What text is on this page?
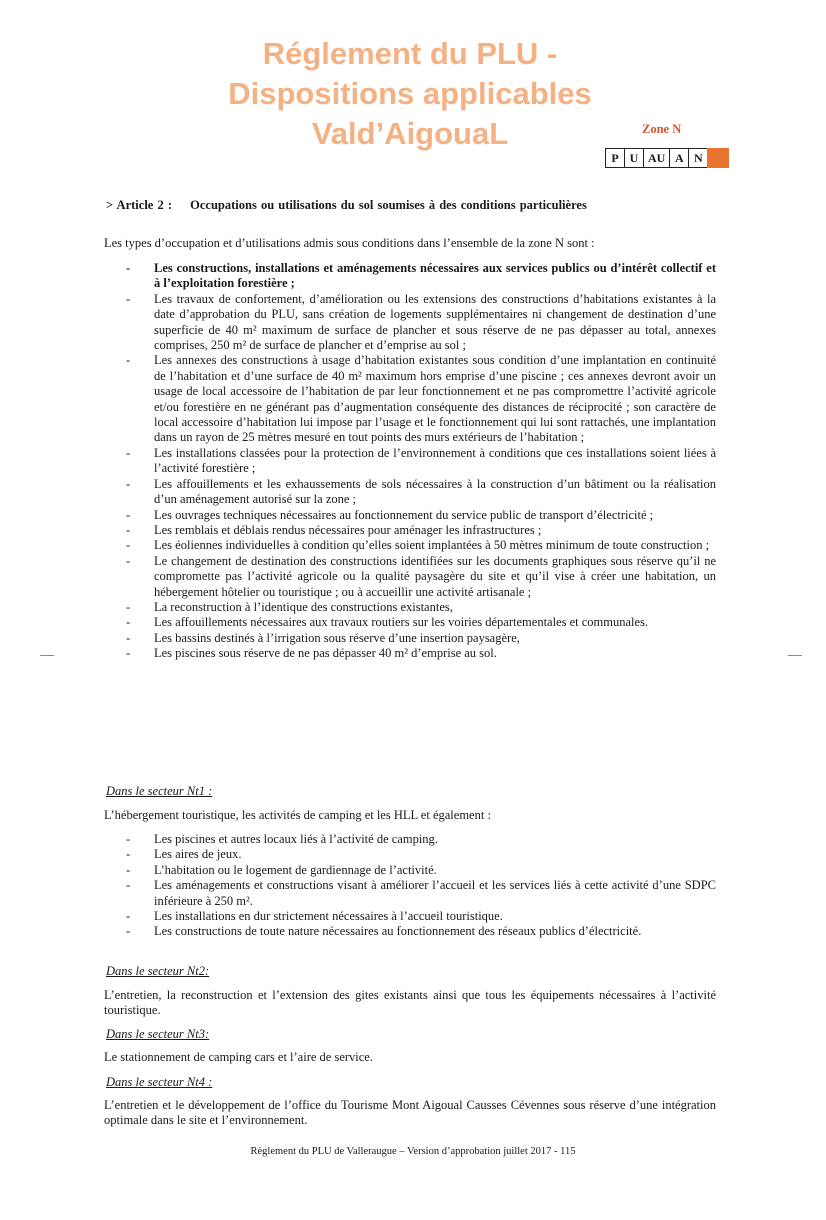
Réglement du PLU -
Dispositions applicables
Vald’AigouaL	Zone N
P U AU A N
> Article 2 : Occupations ou utilisations du sol soumises à des conditions particulières
Les types d’occupation et d’utilisations admis sous conditions dans l’ensemble de la zone N sont :
- Les constructions, installations et aménagements nécessaires aux services publics ou d’intérêt collectif et à l’exploitation forestière ;
- Les travaux de confortement, d’amélioration ou les extensions des constructions d’habitations existantes à la date d’approbation du PLU, sans création de logements supplémentaires ni changement de destination d’une superficie de 40 m² maximum de surface de plancher et sous réserve de ne pas dépasser au total, annexes comprises, 250 m² de surface de plancher et d’emprise au sol ;
- Les annexes des constructions à usage d’habitation existantes sous condition d’une implantation en continuité de l’habitation et d’une surface de 40 m² maximum hors emprise d’une piscine ; ces annexes devront avoir un usage de local accessoire de l’habitation de par leur fonctionnement et ne pas compromettre l’activité agricole et/ou forestière en ne générant pas d’augmentation conséquente des distances de réciprocité ; son caractère de local accessoire d’habitation lui impose par l’usage et le fonctionnement qui lui sont rattachés, une implantation dans un rayon de 25 mètres mesuré en tout points des murs extérieurs de l’habitation ;
- Les installations classées pour la protection de l’environnement à conditions que ces installations soient liées à l’activité forestière ;
- Les affouillements et les exhaussements de sols nécessaires à la construction d’un bâtiment ou la réalisation d’un aménagement autorisé sur la zone ;
- Les ouvrages techniques nécessaires au fonctionnement du service public de transport d’électricité ;
- Les remblais et déblais rendus nécessaires pour aménager les infrastructures ;
- Les éoliennes individuelles à condition qu’elles soient implantées à 50 mètres minimum de toute construction ;
- Le changement de destination des constructions identifiées sur les documents graphiques sous réserve qu’il ne compromette pas l’activité agricole ou la qualité paysagère du site et qu’il vise à créer une habitation, un hébergement hôtelier ou touristique ; ou à accueillir une activité artisanale ;
- La reconstruction à l’identique des constructions existantes,
- Les affouillements nécessaires aux travaux routiers sur les voiries départementales et communales.
- Les bassins destinés à l’irrigation sous réserve d’une insertion paysagère,
- Les piscines sous réserve de ne pas dépasser 40 m² d’emprise au sol.
Dans le secteur Nt1 :
L’hébergement touristique, les activités de camping et les HLL et également :
- Les piscines et autres locaux liés à l’activité de camping.
- Les aires de jeux.
- L’habitation ou le logement de gardiennage de l’activité.
- Les aménagements et constructions visant à améliorer l’accueil et les services liés à cette activité d’une SDPC inférieure à 250 m².
- Les installations en dur strictement nécessaires à l’accueil touristique.
- Les constructions de toute nature nécessaires au fonctionnement des réseaux publics d’électricité.
Dans le secteur Nt2:
L’entretien, la reconstruction et l’extension des gites existants ainsi que tous les équipements nécessaires à l’activité touristique.
Dans le secteur Nt3:
Le stationnement de camping cars et l’aire de service.
Dans le secteur Nt4 :
L’entretien et le développement de l’office du Tourisme Mont Aigoual Causses Cévennes sous réserve d’une intégration optimale dans le site et l’environnement.
Règlement du PLU de Valleraugue – Version d’approbation juillet 2017 - 115
